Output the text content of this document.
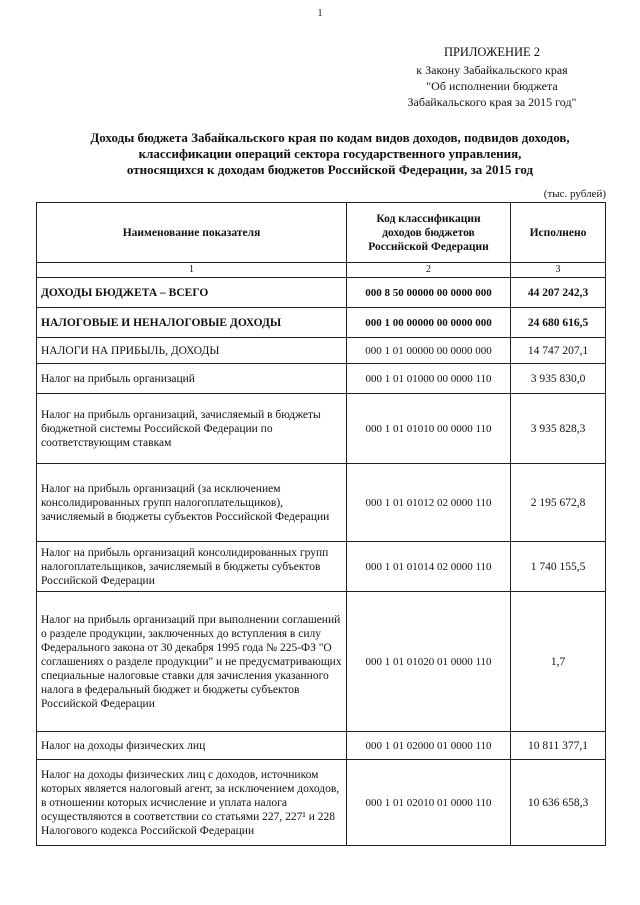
1
ПРИЛОЖЕНИЕ 2
к Закону Забайкальского края
"Об исполнении бюджета
Забайкальского края за 2015 год"
Доходы бюджета Забайкальского края по кодам видов доходов, подвидов доходов,
классификации операций сектора государственного управления,
относящихся к доходам бюджетов Российской Федерации, за 2015 год
(тыс. рублей)
Наименование показателя	Код классификации доходов бюджетов Российской Федерации	Исполнено
1	2	3
ДОХОДЫ БЮДЖЕТА – ВСЕГО	000 8 50 00000 00 0000 000	44 207 242,3
НАЛОГОВЫЕ И НЕНАЛОГОВЫЕ ДОХОДЫ	000 1 00 00000 00 0000 000	24 680 616,5
НАЛОГИ НА ПРИБЫЛЬ, ДОХОДЫ	000 1 01 00000 00 0000 000	14 747 207,1
Налог на прибыль организаций	000 1 01 01000 00 0000 110	3 935 830,0
Налог на прибыль организаций, зачисляемый в бюджеты бюджетной системы Российской Федерации по соответствующим ставкам	000 1 01 01010 00 0000 110	3 935 828,3
Налог на прибыль организаций (за исключением консолидированных групп налогоплательщиков), зачисляемый в бюджеты субъектов Российской Федерации	000 1 01 01012 02 0000 110	2 195 672,8
Налог на прибыль организаций консолидированных групп налогоплательщиков, зачисляемый в бюджеты субъектов Российской Федерации	000 1 01 01014 02 0000 110	1 740 155,5
Налог на прибыль организаций при выполнении соглашений о разделе продукции, заключенных до вступления в силу Федерального закона от 30 декабря 1995 года № 225-ФЗ "О соглашениях о разделе продукции" и не предусматривающих специальные налоговые ставки для зачисления указанного налога в федеральный бюджет и бюджеты субъектов Российской Федерации	000 1 01 01020 01 0000 110	1,7
Налог на доходы физических лиц	000 1 01 02000 01 0000 110	10 811 377,1
Налог на доходы физических лиц с доходов, источником которых является налоговый агент, за исключением доходов, в отношении которых исчисление и уплата налога осуществляются в соответствии со статьями 227, 227¹ и 228 Налогового кодекса Российской Федерации	000 1 01 02010 01 0000 110	10 636 658,3
